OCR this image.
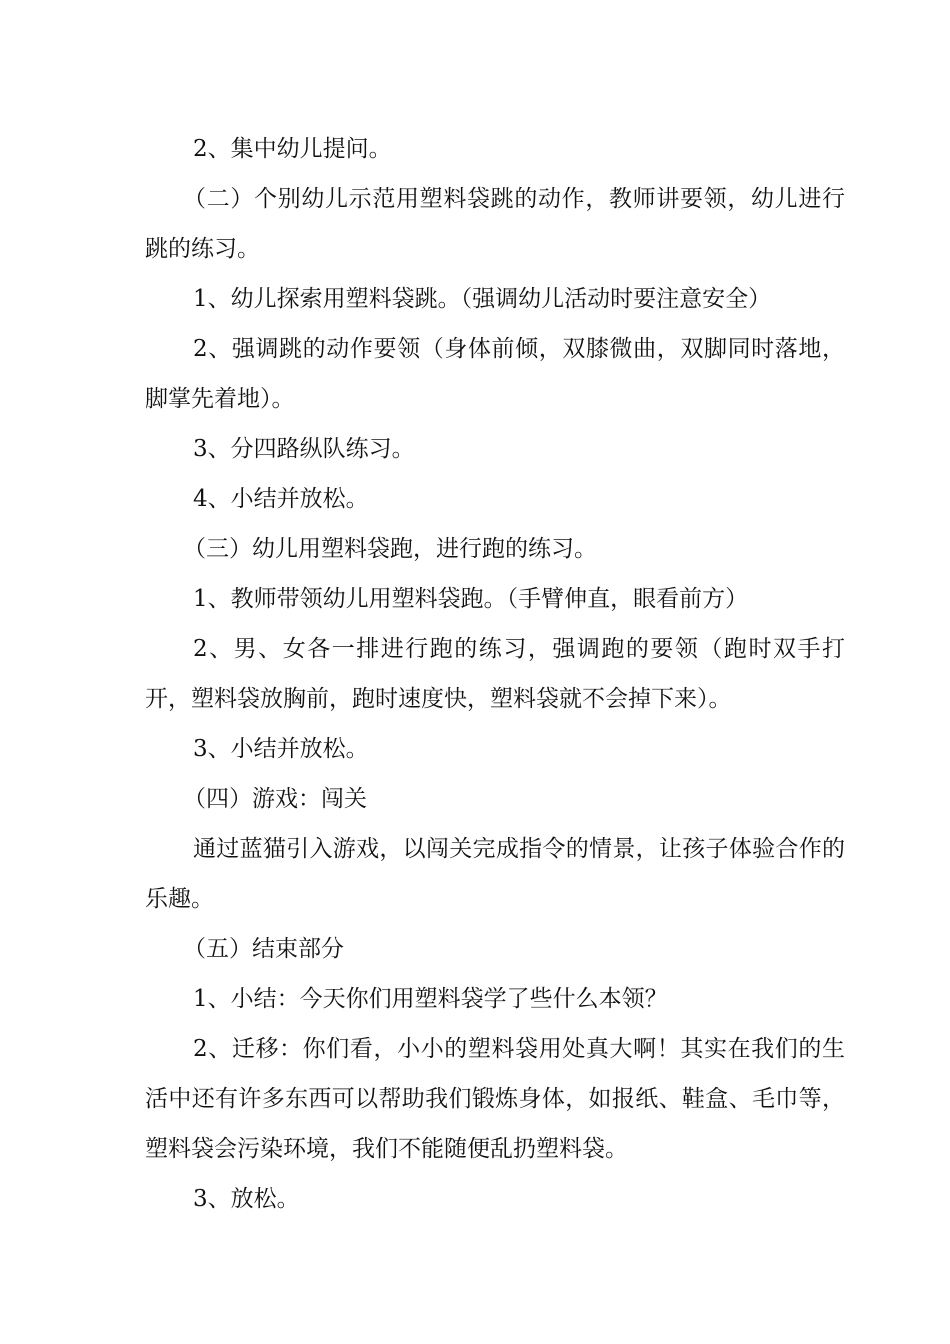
2、集中幼儿提问。

（二）个别幼儿示范用塑料袋跳的动作，教师讲要领，幼儿进行跳的练习。

1、幼儿探索用塑料袋跳。（强调幼儿活动时要注意安全）

2、强调跳的动作要领（身体前倾，双膝微曲，双脚同时落地，脚掌先着地）。

3、分四路纵队练习。

4、小结并放松。

（三）幼儿用塑料袋跑，进行跑的练习。

1、教师带领幼儿用塑料袋跑。（手臂伸直，眼看前方）

2、男、女各一排进行跑的练习，强调跑的要领（跑时双手打开，塑料袋放胸前，跑时速度快，塑料袋就不会掉下来）。

3、小结并放松。

（四）游戏：闯关

通过蓝猫引入游戏，以闯关完成指令的情景，让孩子体验合作的乐趣。

（五）结束部分

1、小结：今天你们用塑料袋学了些什么本领？

2、迁移：你们看，小小的塑料袋用处真大啊！其实在我们的生活中还有许多东西可以帮助我们锻炼身体，如报纸、鞋盒、毛巾等，塑料袋会污染环境，我们不能随便乱扔塑料袋。

3、放松。
